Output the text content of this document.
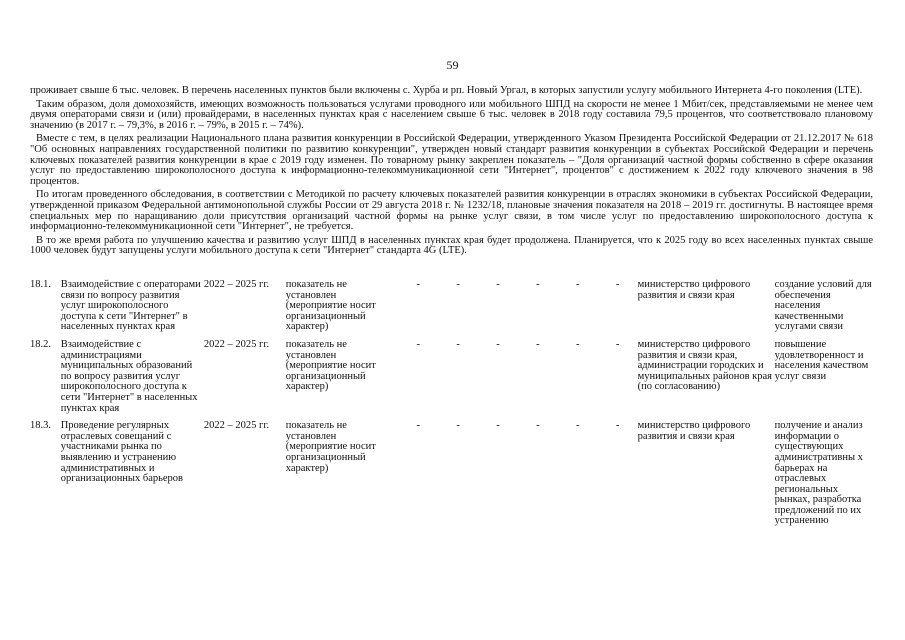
59

проживает свыше 6 тыс. человек. В перечень населенных пунктов были включены с. Хурба и рп. Новый Ургал, в которых запустили услугу мобильного Интернета 4-го поколения (LTE).

Таким образом, доля домохозяйств, имеющих возможность пользоваться услугами проводного или мобильного ШПД на скорости не менее 1 Мбит/сек, представляемыми не менее чем двумя операторами связи и (или) провайдерами, в населенных пунктах края с населением свыше 6 тыс. человек в 2018 году составила 79,5 процентов, что соответствовало плановому значению (в 2017 г. – 79,3%, в 2016 г. – 79%, в 2015 г. – 74%).

Вместе с тем, в целях реализации Национального плана развития конкуренции в Российской Федерации, утвержденного Указом Президента Российской Федерации от 21.12.2017 № 618 "Об основных направлениях государственной политики по развитию конкуренции", утвержден новый стандарт развития конкуренции в субъектах Российской Федерации и перечень ключевых показателей развития конкуренции в крае с 2019 году изменен. По товарному рынку закреплен показатель – "Доля организаций частной формы собственно в сфере оказания услуг по предоставлению широкополосного доступа к информационно-телекоммуникационной сети "Интернет", процентов" с достижением к 2022 году ключевого значения в 98 процентов.

По итогам проведенного обследования, в соответствии с Методикой по расчету ключевых показателей развития конкуренции в отраслях экономики в субъектах Российской Федерации, утвержденной приказом Федеральной антимонопольной службы России от 29 августа 2018 г. № 1232/18, плановые значения показателя на 2018 – 2019 гг. достигнуты. В настоящее время специальных мер по наращиванию доли присутствия организаций частной формы на рынке услуг связи, в том числе услуг по предоставлению широкополосного доступа к информационно-телекоммуникационной сети "Интернет", не требуется.

В то же время работа по улучшению качества и развитию услуг ШПД в населенных пунктах края будет продолжена. Планируется, что к 2025 году во всех населенных пунктах свыше 1000 человек будут запущены услуги мобильного доступа к сети "Интернет" стандарта 4G (LTE).

18.1.	Взаимодействие с операторами связи по вопросу развития услуг широкополосного доступа к сети "Интернет" в населенных пунктах края	2022 – 2025 гг.	показатель не установлен (мероприятие носит организационный характер)	-	-	-	-	-	-	министерство цифрового развития и связи края	создание условий для обеспечения населения качественными услугами связи
18.2.	Взаимодействие с администрациями муниципальных образований по вопросу развития услуг широкополосного доступа к сети "Интернет" в населенных пунктах края	2022 – 2025 гг.	показатель не установлен (мероприятие носит организационный характер)	-	-	-	-	-	-	министерство цифрового развития и связи края, администрации городских и муниципальных районов края (по согласованию)	повышение удовлетворенност и населения качеством услуг связи
18.3.	Проведение регулярных отраслевых совещаний с участниками рынка по выявлению и устранению административных и организационных барьеров	2022 – 2025 гг.	показатель не установлен (мероприятие носит организационный характер)	-	-	-	-	-	-	министерство цифрового развития и связи края	получение и анализ информации о существующих административны х барьерах на отраслевых региональных рынках, разработка предложений по их устранению
